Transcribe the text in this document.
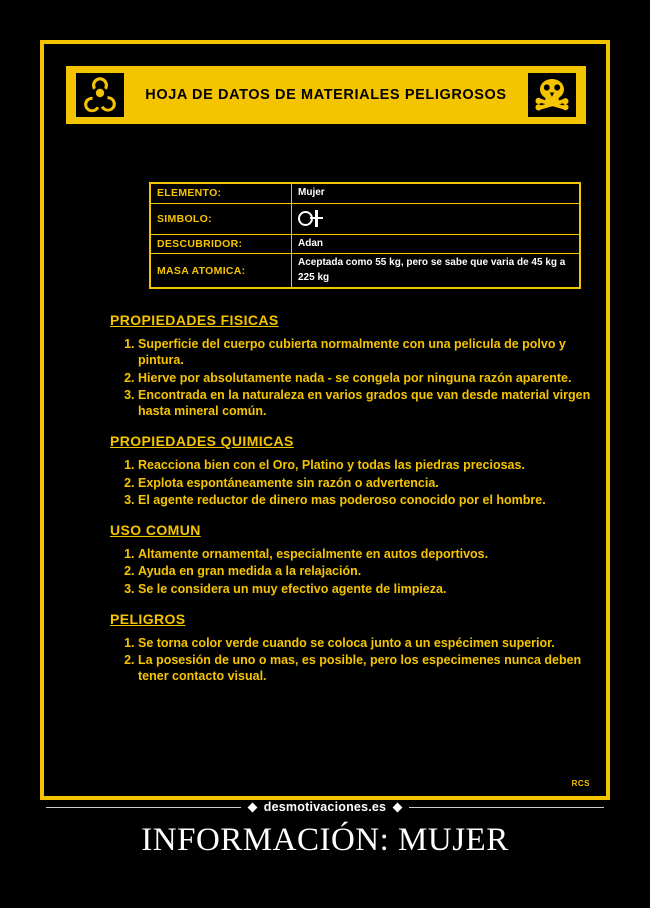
HOJA DE DATOS DE MATERIALES PELIGROSOS
ELEMENTO:	Mujer
SIMBOLO:	

DESCUBRIDOR:	Adan
MASA ATOMICA:	Aceptada como 55 kg, pero se sabe que varia de 45 kg a 225 kg
PROPIEDADES FISICAS
1. Superficie del cuerpo cubierta normalmente con una pelicula de polvo y pintura.
2. Hierve por absolutamente nada - se congela por ninguna razón aparente.
3. Encontrada en la naturaleza en varios grados que van desde material virgen hasta mineral común.
PROPIEDADES QUIMICAS
1. Reacciona bien con el Oro, Platino y todas las piedras preciosas.
2. Explota espontáneamente sin razón o advertencia.
3. El agente reductor de dinero mas poderoso conocido por el hombre.
USO COMUN
1. Altamente ornamental, especialmente en autos deportivos.
2. Ayuda en gran medida a la relajación.
3. Se le considera un muy efectivo agente de limpieza.
PELIGROS
1. Se torna color verde cuando se coloca junto a un espécimen superior.
2. La posesión de uno o mas, es posible, pero los especimenes nunca deben tener contacto visual.
RCS
desmotivaciones.es
INFORMACIÓN: MUJER
